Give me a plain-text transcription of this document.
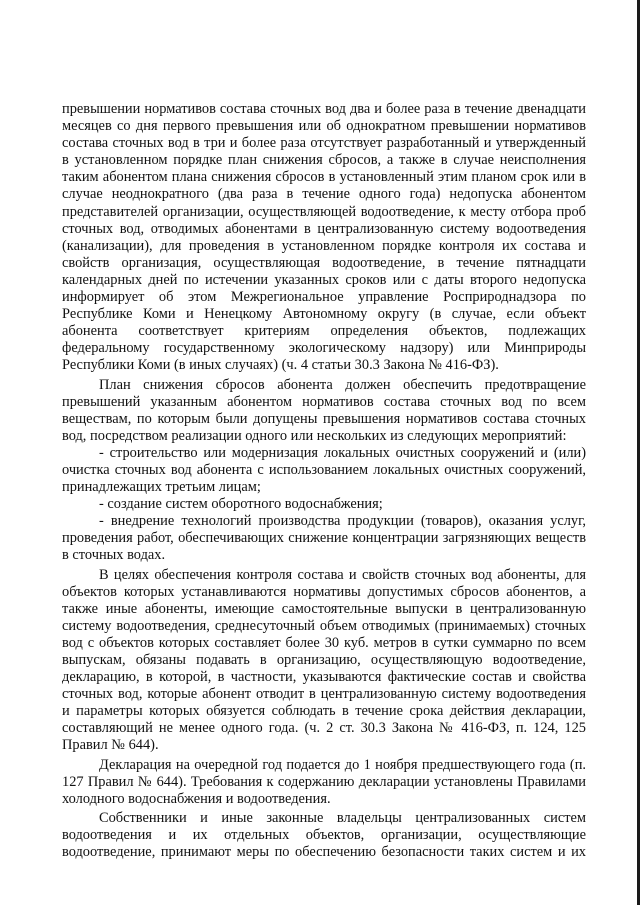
превышении нормативов состава сточных вод два и более раза в течение двенадцати

месяцев со дня первого превышения или об однократном превышении нормативов

состава сточных вод в три и более раза отсутствует разработанный и утвержденный

в установленном порядке план снижения сбросов, а также в случае неисполнения

таким абонентом плана снижения сбросов в установленный этим планом срок или в

случае неоднократного (два раза в течение одного года) недопуска абонентом

представителей организации, осуществляющей водоотведение, к месту отбора проб

сточных вод, отводимых абонентами в централизованную систему водоотведения

(канализации), для проведения в установленном порядке контроля их состава и

свойств организация, осуществляющая водоотведение, в течение пятнадцати

календарных дней по истечении указанных сроков или с даты второго недопуска

информирует об этом Межрегиональное управление Росприроднадзора по

Республике Коми и Ненецкому Автономному округу (в случае, если объект

абонента соответствует критериям определения объектов, подлежащих

федеральному государственному экологическому надзору) или Минприроды

Республики Коми (в иных случаях) (ч. 4 статьи 30.3 Закона № 416-ФЗ).

План снижения сбросов абонента должен обеспечить предотвращение

превышений указанным абонентом нормативов состава сточных вод по всем

веществам, по которым были допущены превышения нормативов состава сточных

вод, посредством реализации одного или нескольких из следующих мероприятий:

- строительство или модернизация локальных очистных сооружений и (или)

очистка сточных вод абонента с использованием локальных очистных сооружений,

принадлежащих третьим лицам;

- создание систем оборотного водоснабжения;

- внедрение технологий производства продукции (товаров), оказания услуг,

проведения работ, обеспечивающих снижение концентрации загрязняющих веществ

в сточных водах.

В целях обеспечения контроля состава и свойств сточных вод абоненты, для

объектов которых устанавливаются нормативы допустимых сбросов абонентов, а

также иные абоненты, имеющие самостоятельные выпуски в централизованную

систему водоотведения, среднесуточный объем отводимых (принимаемых) сточных

вод с объектов которых составляет более 30 куб. метров в сутки суммарно по всем

выпускам, обязаны подавать в организацию, осуществляющую водоотведение,

декларацию, в которой, в частности, указываются фактические состав и свойства

сточных вод, которые абонент отводит в централизованную систему водоотведения

и параметры которых обязуется соблюдать в течение срока действия декларации,

составляющий не менее одного года. (ч. 2 ст. 30.3 Закона № 416-ФЗ, п. 124, 125

Правил № 644).

Декларация на очередной год подается до 1 ноября предшествующего года (п.

127 Правил № 644). Требования к содержанию декларации установлены Правилами

холодного водоснабжения и водоотведения.

Собственники и иные законные владельцы централизованных систем

водоотведения и их отдельных объектов, организации, осуществляющие

водоотведение, принимают меры по обеспечению безопасности таких систем и их
